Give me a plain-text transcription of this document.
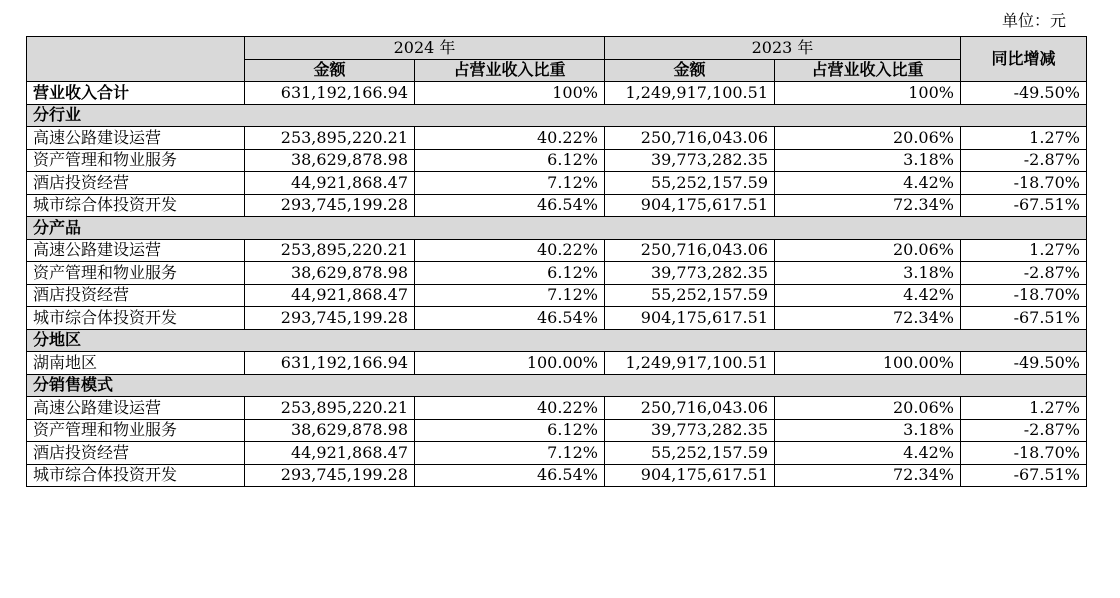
单位：元
	2024 年		2023 年		同比增减
	金额	占营业收入比重	金额	占营业收入比重	
营业收入合计	631,192,166.94	100%	1,249,917,100.51	100%	-49.50%
分行业					
高速公路建设运营	253,895,220.21	40.22%	250,716,043.06	20.06%	1.27%
资产管理和物业服务	38,629,878.98	6.12%	39,773,282.35	3.18%	-2.87%
酒店投资经营	44,921,868.47	7.12%	55,252,157.59	4.42%	-18.70%
城市综合体投资开发	293,745,199.28	46.54%	904,175,617.51	72.34%	-67.51%
分产品					
高速公路建设运营	253,895,220.21	40.22%	250,716,043.06	20.06%	1.27%
资产管理和物业服务	38,629,878.98	6.12%	39,773,282.35	3.18%	-2.87%
酒店投资经营	44,921,868.47	7.12%	55,252,157.59	4.42%	-18.70%
城市综合体投资开发	293,745,199.28	46.54%	904,175,617.51	72.34%	-67.51%
分地区					
湖南地区	631,192,166.94	100.00%	1,249,917,100.51	100.00%	-49.50%
分销售模式					
高速公路建设运营	253,895,220.21	40.22%	250,716,043.06	20.06%	1.27%
资产管理和物业服务	38,629,878.98	6.12%	39,773,282.35	3.18%	-2.87%
酒店投资经营	44,921,868.47	7.12%	55,252,157.59	4.42%	-18.70%
城市综合体投资开发	293,745,199.28	46.54%	904,175,617.51	72.34%	-67.51%
